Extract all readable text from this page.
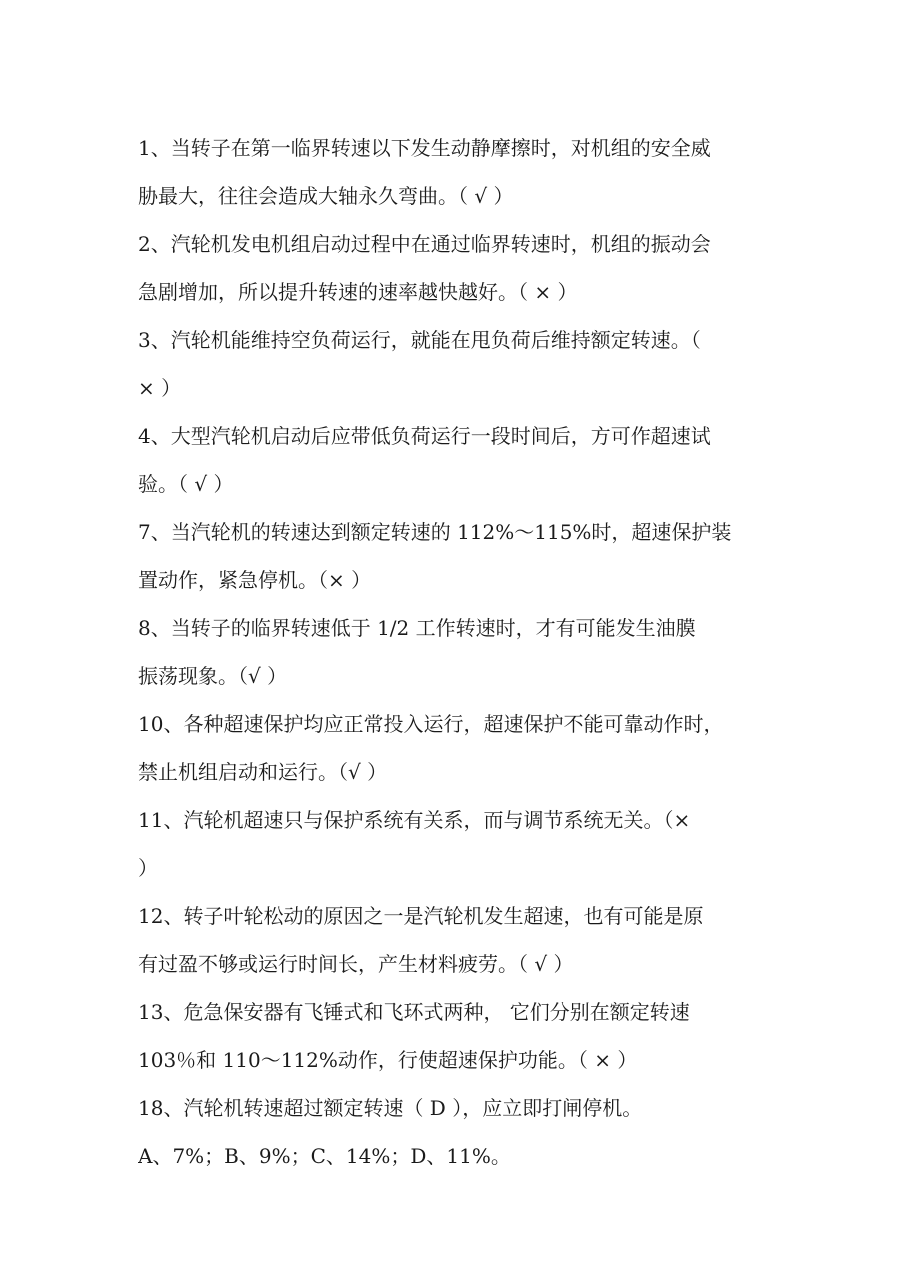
1、当转子在第一临界转速以下发生动静摩擦时，对机组的安全威
胁最大，往往会造成大轴永久弯曲。（ √ ）
2、汽轮机发电机组启动过程中在通过临界转速时，机组的振动会
急剧增加，所以提升转速的速率越快越好。（ × ）
3、汽轮机能维持空负荷运行，就能在甩负荷后维持额定转速。（
× ）
4、大型汽轮机启动后应带低负荷运行一段时间后，方可作超速试
验。（ √ ）
7、当汽轮机的转速达到额定转速的 112%～115%时，超速保护装
置动作，紧急停机。（× ）
8、当转子的临界转速低于 1/2 工作转速时，才有可能发生油膜
振荡现象。（√ ）
10、各种超速保护均应正常投入运行，超速保护不能可靠动作时，
禁止机组启动和运行。（√ ）
11、汽轮机超速只与保护系统有关系，而与调节系统无关。（×
）
12、转子叶轮松动的原因之一是汽轮机发生超速，也有可能是原
有过盈不够或运行时间长，产生材料疲劳。（ √ ）
13、危急保安器有飞锤式和飞环式两种， 它们分别在额定转速
103％和 110～112%动作，行使超速保护功能。（ × ）
18、汽轮机转速超过额定转速（ D ），应立即打闸停机。
A、7%；B、9%；C、14%；D、11%。
